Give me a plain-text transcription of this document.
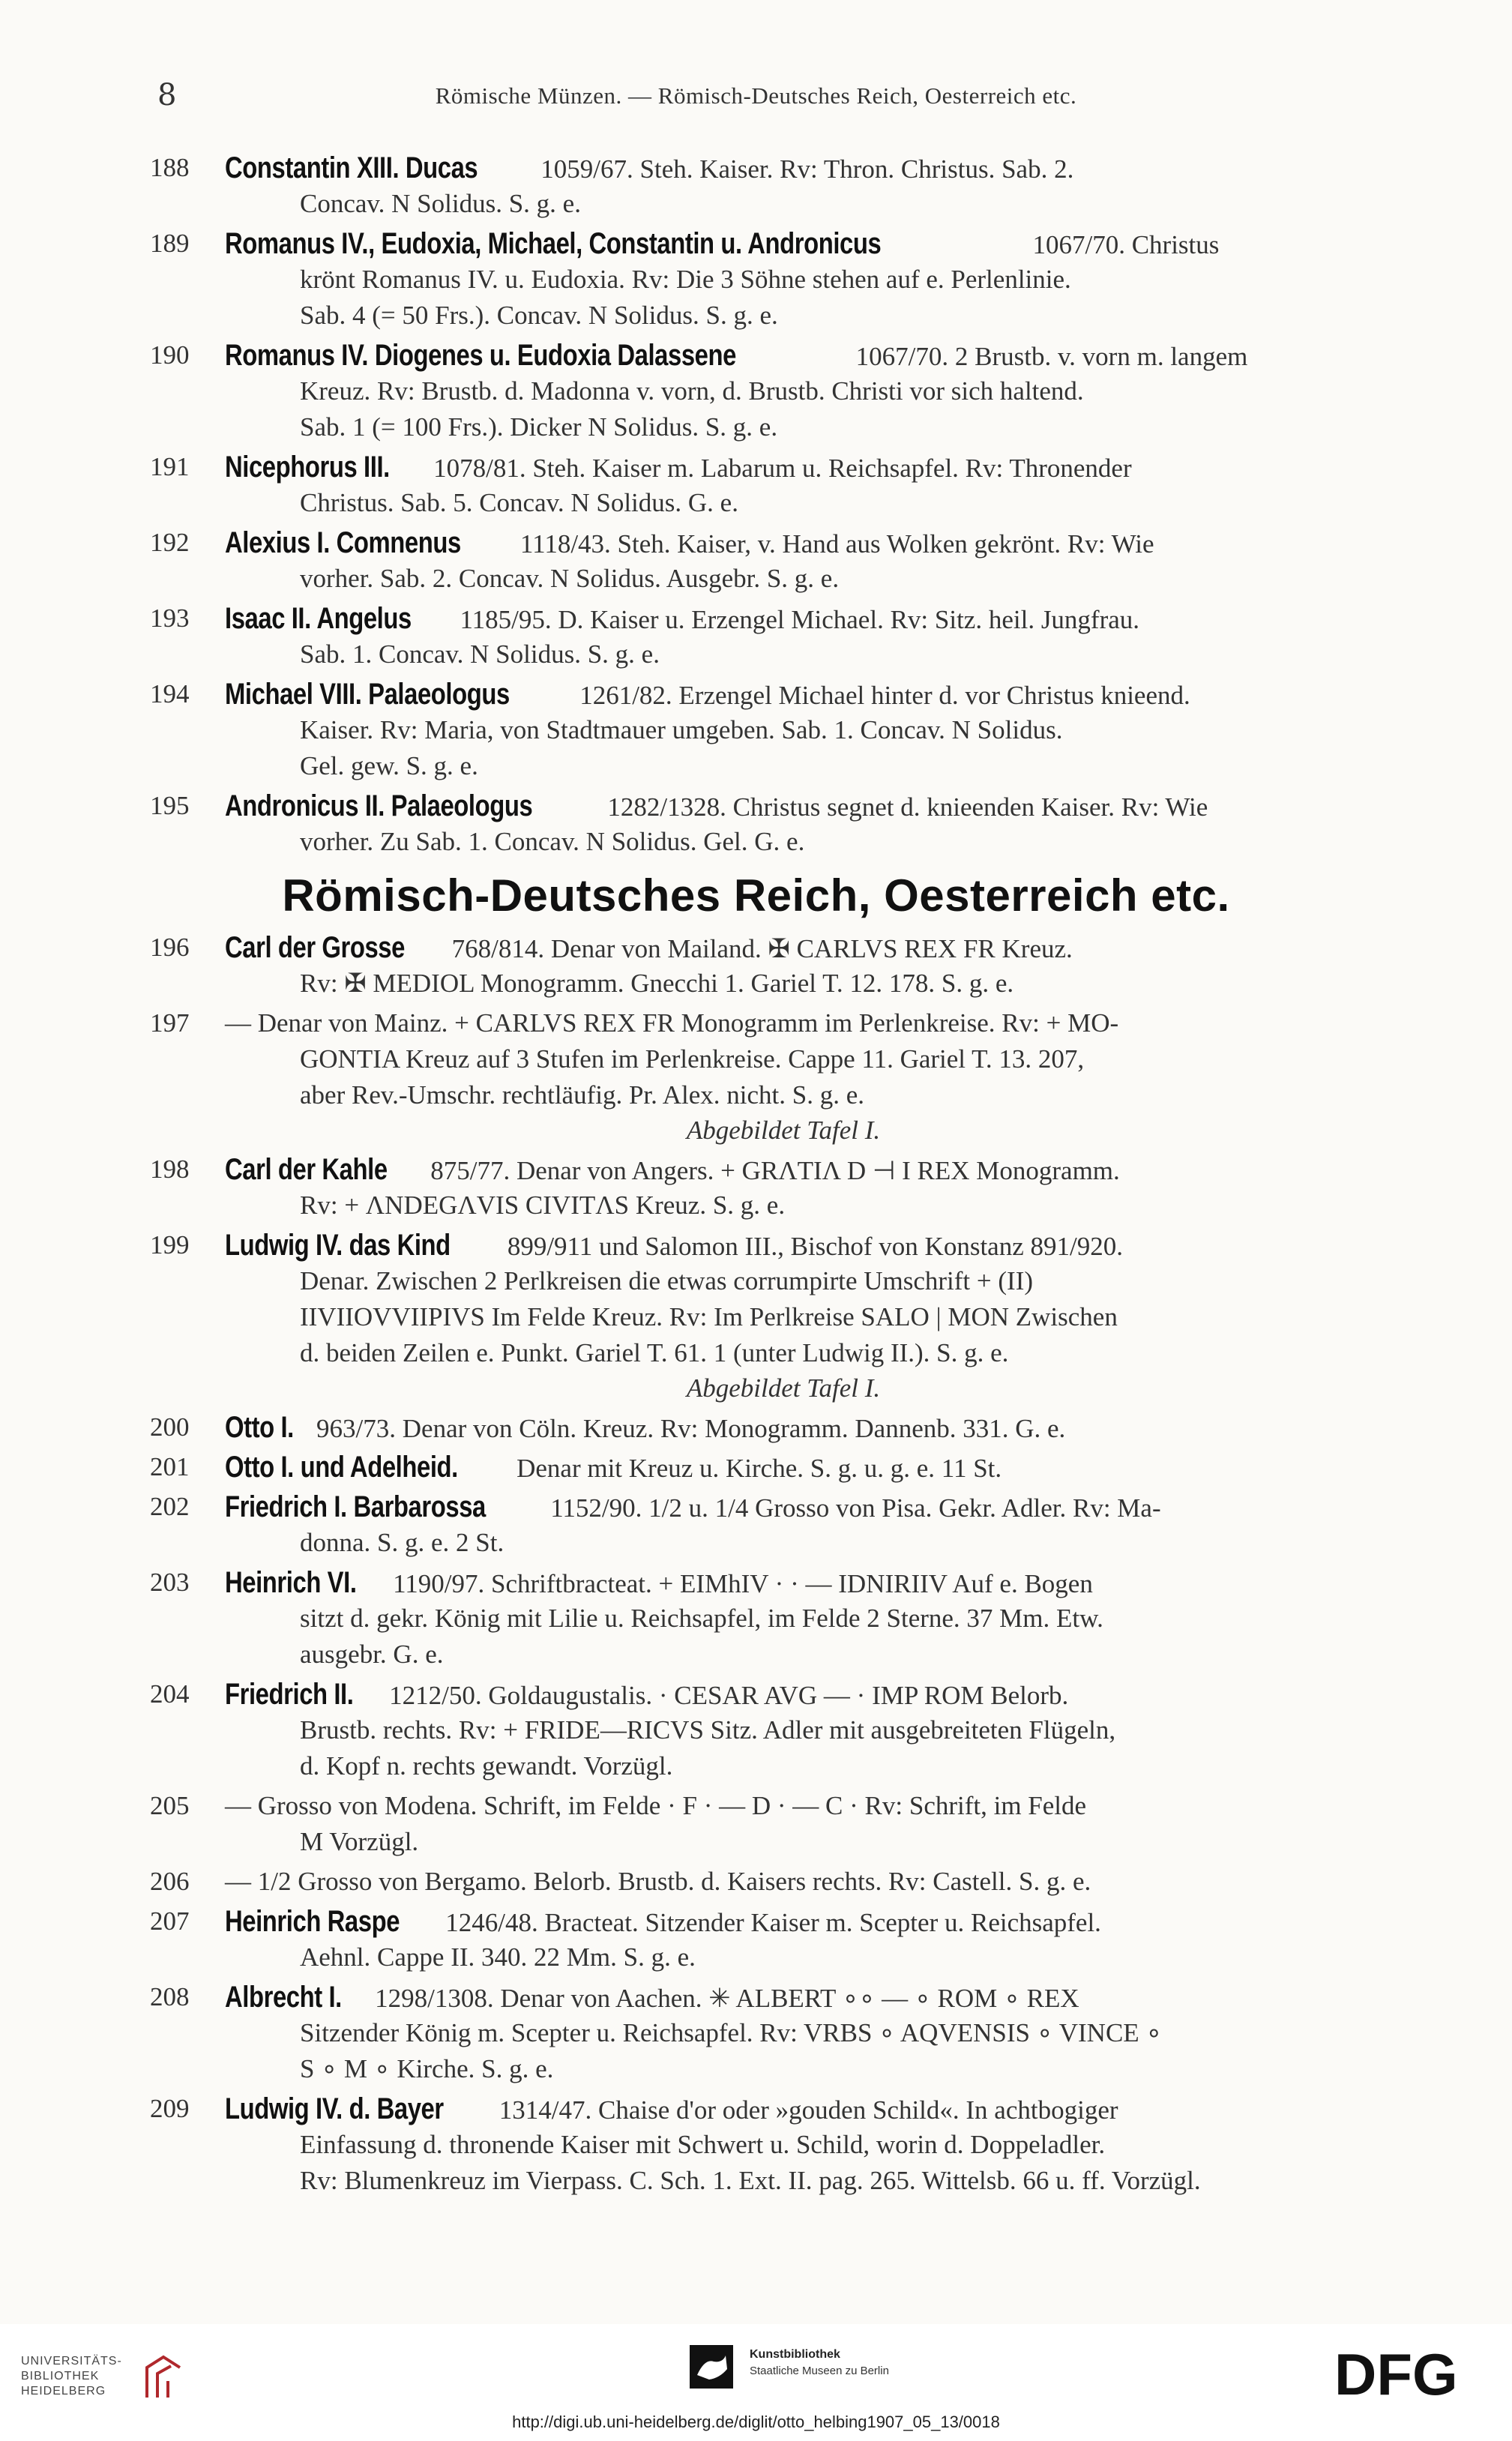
8	Römische Münzen. — Römisch-Deutsches Reich, Oesterreich etc.
188	Constantin XIII. Ducas 1059/67. Steh. Kaiser. Rv: Thron. Christus. Sab. 2.
Concav. N Solidus. S. g. e.
189	Romanus IV., Eudoxia, Michael, Constantin u. Andronicus	1067/70. Christus
krönt Romanus IV. u. Eudoxia. Rv: Die 3 Söhne stehen auf e. Perlenlinie.
Sab. 4 (= 50 Frs.). Concav. N Solidus. S. g. e.
190	Romanus IV. Diogenes u. Eudoxia Dalassene	1067/70. 2 Brustb. v. vorn m. langem
Kreuz. Rv: Brustb. d. Madonna v. vorn, d. Brustb. Christi vor sich haltend.
Sab. 1 (= 100 Frs.). Dicker N Solidus. S. g. e.
191	Nicephorus III. 1078/81. Steh. Kaiser m. Labarum u. Reichsapfel. Rv: Thronender
Christus. Sab. 5. Concav. N Solidus. G. e.
192	Alexius I. Comnenus 1118/43. Steh. Kaiser, v. Hand aus Wolken gekrönt. Rv: Wie
vorher. Sab. 2. Concav. N Solidus. Ausgebr. S. g. e.
193	Isaac II. Angelus 1185/95. D. Kaiser u. Erzengel Michael. Rv: Sitz. heil. Jungfrau.
Sab. 1. Concav. N Solidus. S. g. e.
194	Michael VIII. Palaeologus	1261/82. Erzengel Michael hinter d. vor Christus knieend.
Kaiser. Rv: Maria, von Stadtmauer umgeben. Sab. 1. Concav. N Solidus.
Gel. gew. S. g. e.
195	Andronicus II. Palaeologus	1282/1328. Christus segnet d. knieenden Kaiser. Rv: Wie
vorher. Zu Sab. 1. Concav. N Solidus. Gel. G. e.
Römisch-Deutsches Reich, Oesterreich etc.
196	Carl der Grosse 768/814. Denar von Mailand. ✠ CARLVS REX FR Kreuz.
Rv: ✠ MEDIOL Monogramm. Gnecchi 1. Gariel T. 12. 178. S. g. e.
197	— Denar von Mainz. + CARLVS REX FR Monogramm im Perlenkreise. Rv: + MO-
GONTIA Kreuz auf 3 Stufen im Perlenkreise. Cappe 11. Gariel T. 13. 207,
aber Rev.-Umschr. rechtläufig. Pr. Alex. nicht. S. g. e.
Abgebildet Tafel I.
198	Carl der Kahle 875/77. Denar von Angers. + GRΛTIΛ D ⊣ I REX Monogramm.
Rv: + ΛNDEGΛVIS CIVITΛS Kreuz. S. g. e.
199	Ludwig IV. das Kind 899/911 und Salomon III., Bischof von Konstanz 891/920.
Denar. Zwischen 2 Perlkreisen die etwas corrumpirte Umschrift + (II)
IIVIIOVVIIPIVS Im Felde Kreuz. Rv: Im Perlkreise SALO | MON Zwischen
d. beiden Zeilen e. Punkt. Gariel T. 61. 1 (unter Ludwig II.). S. g. e.
Abgebildet Tafel I.
200	Otto I. 963/73. Denar von Cöln. Kreuz. Rv: Monogramm. Dannenb. 331. G. e.
201	Otto I. und Adelheid. Denar mit Kreuz u. Kirche. S. g. u. g. e. 11 St.
202	Friedrich I. Barbarossa 1152/90. 1/2 u. 1/4 Grosso von Pisa. Gekr. Adler. Rv: Ma-
donna. S. g. e. 2 St.
203	Heinrich VI. 1190/97. Schriftbracteat. + EIMhIV · · — IDNIRIIV Auf e. Bogen
sitzt d. gekr. König mit Lilie u. Reichsapfel, im Felde 2 Sterne. 37 Mm. Etw.
ausgebr. G. e.
204	Friedrich II. 1212/50. Goldaugustalis. · CESAR AVG — · IMP ROM Belorb.
Brustb. rechts. Rv: + FRIDE—RICVS Sitz. Adler mit ausgebreiteten Flügeln,
d. Kopf n. rechts gewandt. Vorzügl.
205	— Grosso von Modena. Schrift, im Felde · F · — D · — C · Rv: Schrift, im Felde
M Vorzügl.
206	— 1/2 Grosso von Bergamo. Belorb. Brustb. d. Kaisers rechts. Rv: Castell. S. g. e.
207	Heinrich Raspe 1246/48. Bracteat. Sitzender Kaiser m. Scepter u. Reichsapfel.
Aehnl. Cappe II. 340. 22 Mm. S. g. e.
208	Albrecht I. 1298/1308. Denar von Aachen. ✳ ALBERT ∘∘ — ∘ ROM ∘ REX
Sitzender König m. Scepter u. Reichsapfel. Rv: VRBS ∘ AQVENSIS ∘ VINCE ∘
S ∘ M ∘ Kirche. S. g. e.
209	Ludwig IV. d. Bayer 1314/47. Chaise d'or oder »gouden Schild«. In achtbogiger
Einfassung d. thronende Kaiser mit Schwert u. Schild, worin d. Doppeladler.
Rv: Blumenkreuz im Vierpass. C. Sch. 1. Ext. II. pag. 265. Wittelsb. 66 u. ff. Vorzügl.
UNIVERSITÄTS-
BIBLIOTHEK
HEIDELBERG
Kunstbibliothek
Staatliche Museen zu Berlin	DFG
http://digi.ub.uni-heidelberg.de/diglit/otto_helbing1907_05_13/0018
